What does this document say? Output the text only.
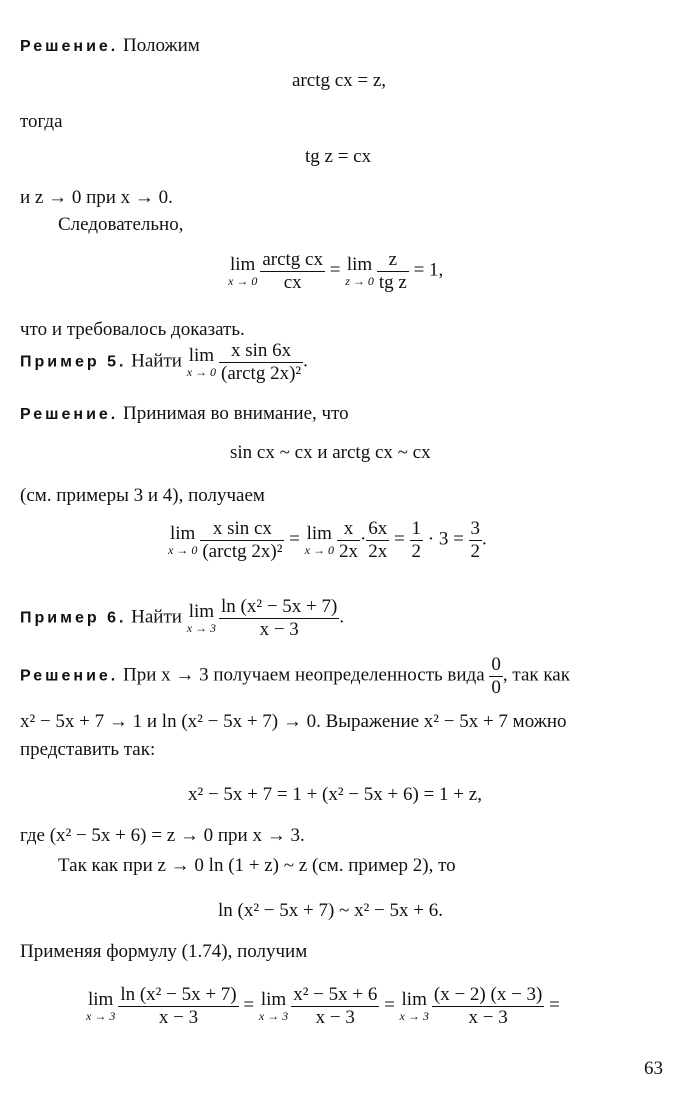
Решение. Положим
arctg cx = z,
тогда
tg z = cx
и z → 0 при x → 0.
Следовательно,
lim
$x \to 0 \frac{\text{arctg cx}}{cx} = \lim$
$z \to 0 \frac{z}{\text{tg z}} = 1$,
что и требовалось доказать.
Пример 5. Найти lim
$x \to 0 \frac{\text{x sin 6x}}{\text{(arctg 2x)²}}$ .
Решение. Принимая во внимание, что
sin cx ~ cx и arctg cx ~ cx
(см. примеры 3 и 4), получаем
lim
$x \to 0 \frac{\text{x sin cx}}{\text{(arctg 2x)²}} = \lim$
$x \to 0 \frac{x}{2x} \cdot \frac{6x}{2x} = \frac{1}{2} \cdot 3 = \frac{3}{2}$ .
Пример 6. Найти lim
$x \to 3 \frac{\text{ln (x² − 5x + 7)}}{x - 3}$ .
Решение. При x → 3 получаем неопределенность вида $\frac{0}{0}$ , так как
x² − 5x + 7 → 1 и ln (x² − 5x + 7) → 0. Выражение x² − 5x + 7 можно
представить так:
x² − 5x + 7 = 1 + (x² − 5x + 6) = 1 + z,
где (x² − 5x + 6) = z → 0 при x → 3.
Так как при z → 0 ln (1 + z) ~ z (см. пример 2), то
ln (x² − 5x + 7) ~ x² − 5x + 6.
Применяя формулу (1.74), получим
lim
$x \to 3 \frac{\text{ln (x² − 5x + 7)}}{x - 3} = \lim$
$x \to 3 \frac{\text{x² − 5x + 6}}{x - 3} = \lim$
$x \to 3 \frac{(x - 2) (x - 3)}{x - 3}$ =
63
